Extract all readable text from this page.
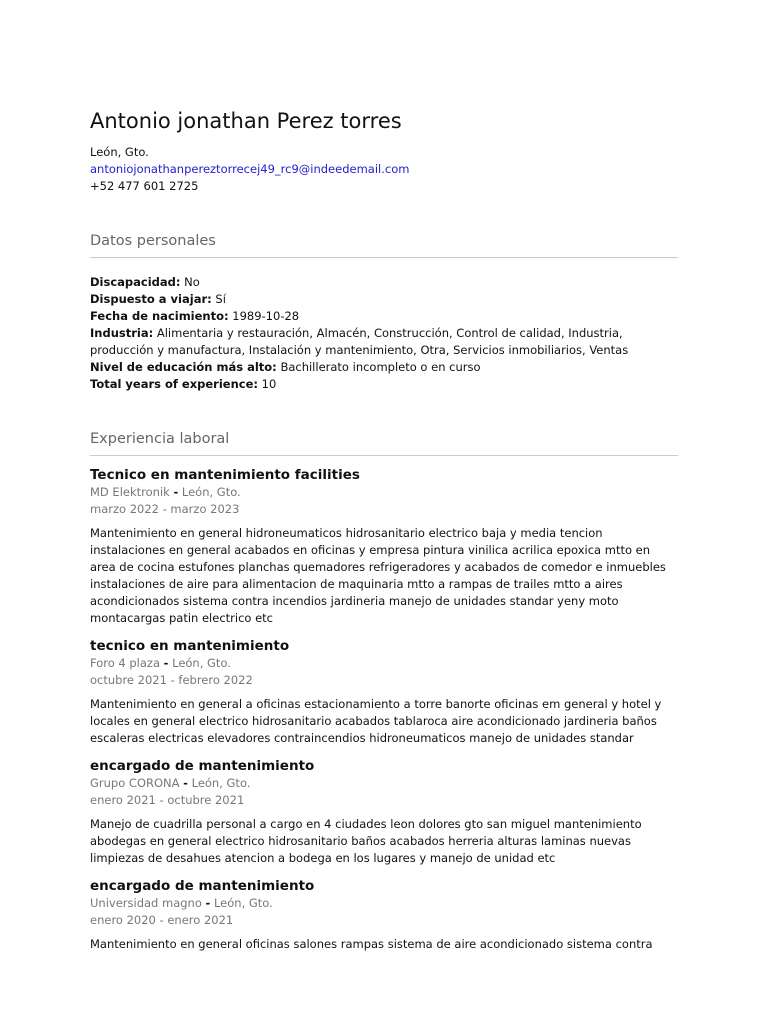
Antonio jonathan Perez torres
León, Gto.
antoniojonathanpereztorrecej49_rc9@indeedemail.com
+52 477 601 2725
Datos personales
Discapacidad: No
Dispuesto a viajar: Sí
Fecha de nacimiento: 1989-10-28
Industria: Alimentaria y restauración, Almacén, Construcción, Control de calidad, Industria, producción y manufactura, Instalación y mantenimiento, Otra, Servicios inmobiliarios, Ventas
Nivel de educación más alto: Bachillerato incompleto o en curso
Total years of experience: 10
Experiencia laboral
Tecnico en mantenimiento facilities
MD Elektronik - León, Gto.
marzo 2022 - marzo 2023
Mantenimiento en general hidroneumaticos hidrosanitario electrico baja y media tencion instalaciones en general acabados en oficinas y empresa pintura vinilica acrilica epoxica mtto en area de cocina estufones planchas quemadores refrigeradores y acabados de comedor e inmuebles instalaciones de aire para alimentacion de maquinaria mtto a rampas de trailes mtto a aires acondicionados sistema contra incendios jardineria manejo de unidades standar yeny moto montacargas patin electrico etc
tecnico en mantenimiento
Foro 4 plaza - León, Gto.
octubre 2021 - febrero 2022
Mantenimiento en general a oficinas estacionamiento a torre banorte oficinas em general y hotel y locales en general electrico hidrosanitario acabados tablaroca aire acondicionado jardineria baños escaleras electricas elevadores contraincendios hidroneumaticos manejo de unidades standar
encargado de mantenimiento
Grupo CORONA - León, Gto.
enero 2021 - octubre 2021
Manejo de cuadrilla personal a cargo en 4 ciudades leon dolores gto san miguel mantenimiento abodegas en general electrico hidrosanitario baños acabados herreria alturas laminas nuevas limpiezas de desahues atencion a bodega en los lugares y manejo de unidad etc
encargado de mantenimiento
Universidad magno - León, Gto.
enero 2020 - enero 2021
Mantenimiento en general oficinas salones rampas sistema de aire acondicionado sistema contra
